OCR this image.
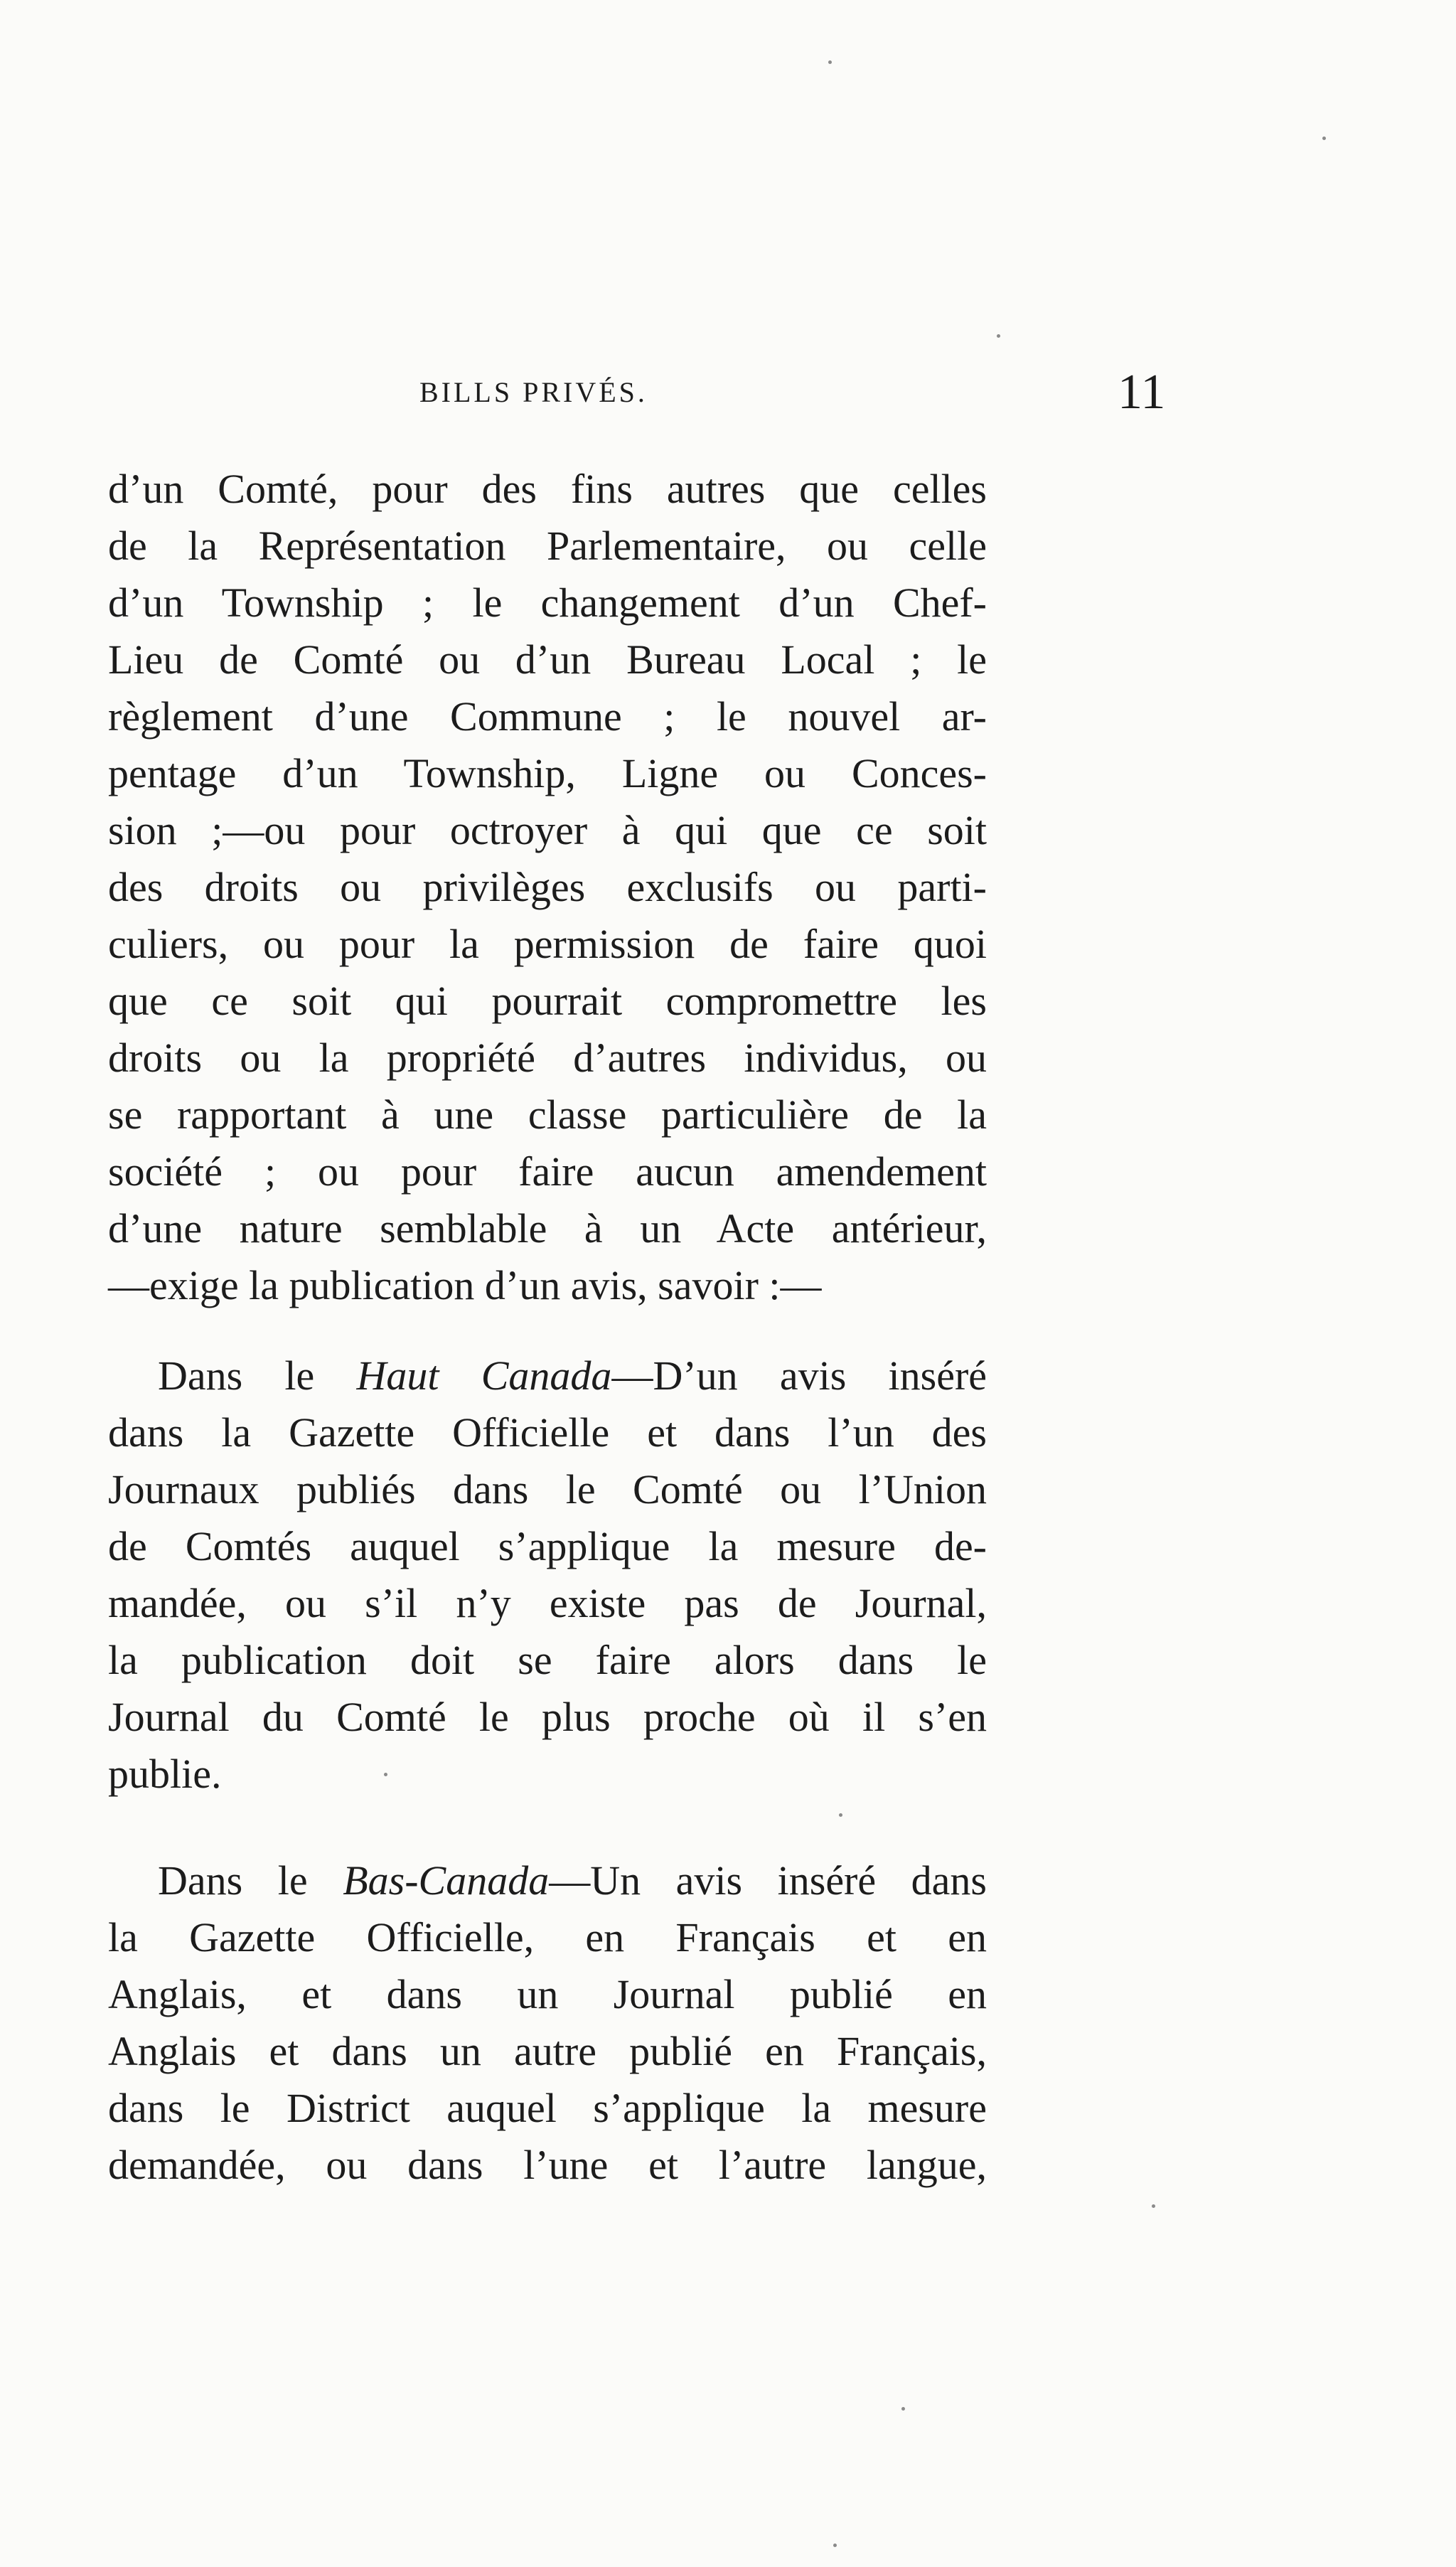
BILLS PRIVÉS.	11
d’un Comté, pour des fins autres que celles
de la Représentation Parlementaire, ou celle
d’un Township ; le changement d’un Chef-
Lieu de Comté ou d’un Bureau Local ; le
règlement d’une Commune ; le nouvel ar-
pentage d’un Township, Ligne ou Conces-
sion ;—ou pour octroyer à qui que ce soit
des droits ou privilèges exclusifs ou parti-
culiers, ou pour la permission de faire quoi
que ce soit qui pourrait compromettre les
droits ou la propriété d’autres individus, ou
se rapportant à une classe particulière de la
société ; ou pour faire aucun amendement
d’une nature semblable à un Acte antérieur,
—exige la publication d’un avis, savoir :—
Dans le Haut Canada—D’un avis inséré
dans la Gazette Officielle et dans l’un des
Journaux publiés dans le Comté ou l’Union
de Comtés auquel s’applique la mesure de-
mandée, ou s’il n’y existe pas de Journal,
la publication doit se faire alors dans le
Journal du Comté le plus proche où il s’en
publie.
Dans le Bas-Canada—Un avis inséré dans
la Gazette Officielle, en Français et en
Anglais, et dans un Journal publié en
Anglais et dans un autre publié en Français,
dans le District auquel s’applique la mesure
demandée, ou dans l’une et l’autre langue,
